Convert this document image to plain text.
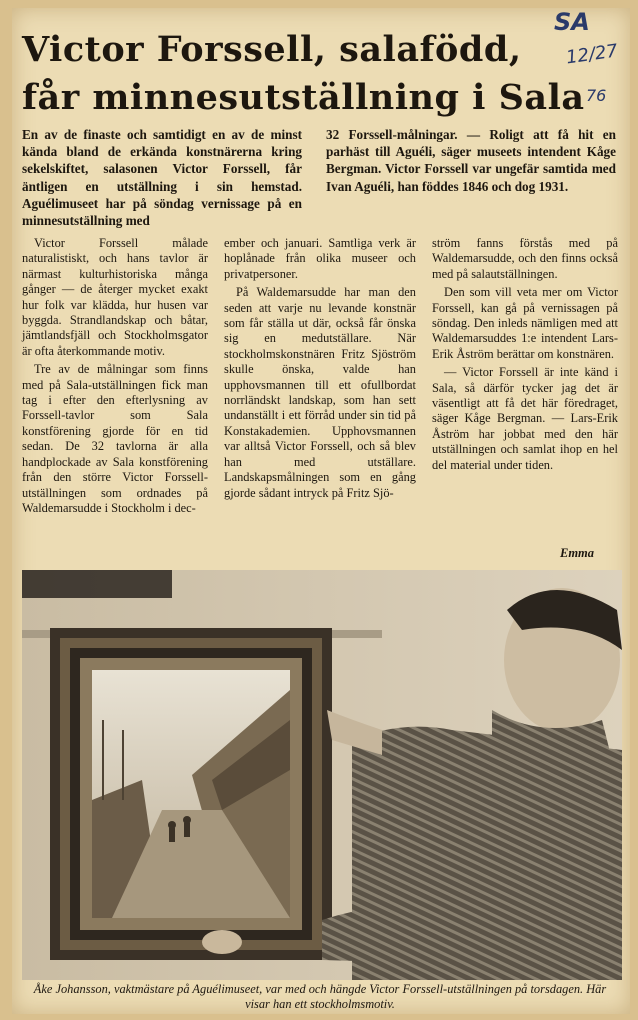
SA
12/27
76
Victor Forssell, salafödd,
får minnesutställning i Sala

En av de finaste och samtidigt en av de minst kända bland de erkända konstnärerna kring sekelskiftet, salasonen Victor Forssell, får äntligen en utställning i sin hemstad. Aguélimuseet har på söndag vernissage på en minnesutställning med

32 Forssell-målningar. — Roligt att få hit en parhäst till Aguéli, säger museets intendent Kåge Bergman. Victor Forssell var ungefär samtida med Ivan Aguéli, han föddes 1846 och dog 1931.

Victor Forssell målade naturalistiskt, och hans tavlor är närmast kulturhistoriska många gånger — de återger mycket exakt hur folk var klädda, hur husen var byggda. Strandlandskap och båtar, jämtlandsfjäll och Stockholmsgator är ofta återkommande motiv.

Tre av de målningar som finns med på Sala-utställningen fick man tag i efter den efterlysning av Forssell-tavlor som Sala konstförening gjorde för en tid sedan. De 32 tavlorna är alla handplockade av Sala konstförening från den större Victor Forssell-utställningen som ordnades på Waldemarsudde i Stockholm i dec-

ember och januari. Samtliga verk är hoplånade från olika museer och privatpersoner.

På Waldemarsudde har man den seden att varje nu levande konstnär som får ställa ut där, också får önska sig en medutställare. När stockholmskonstnären Fritz Sjöström skulle önska, valde han upphovsmannen till ett ofullbordat norrländskt landskap, som han sett undanställt i ett förråd under sin tid på Konstakademien. Upphovsmannen var alltså Victor Forssell, och så blev han med utställare. Landskapsmålningen som en gång gjorde sådant intryck på Fritz Sjö-

ström fanns förstås med på Waldemarsudde, och den finns också med på salautställningen.

Den som vill veta mer om Victor Forssell, kan gå på vernissagen på söndag. Den inleds nämligen med att Waldemarsuddes 1:e intendent Lars-Erik Åström berättar om konstnären.

— Victor Forssell är inte känd i Sala, så därför tycker jag det är väsentligt att få det här föredraget, säger Kåge Bergman. — Lars-Erik Åström har jobbat med den här utställningen och samlat ihop en hel del material under tiden.

Emma

Åke Johansson, vaktmästare på Aguélimuseet, var med och hängde Victor Forssell-utställningen på torsdagen. Här visar han ett stockholmsmotiv.
